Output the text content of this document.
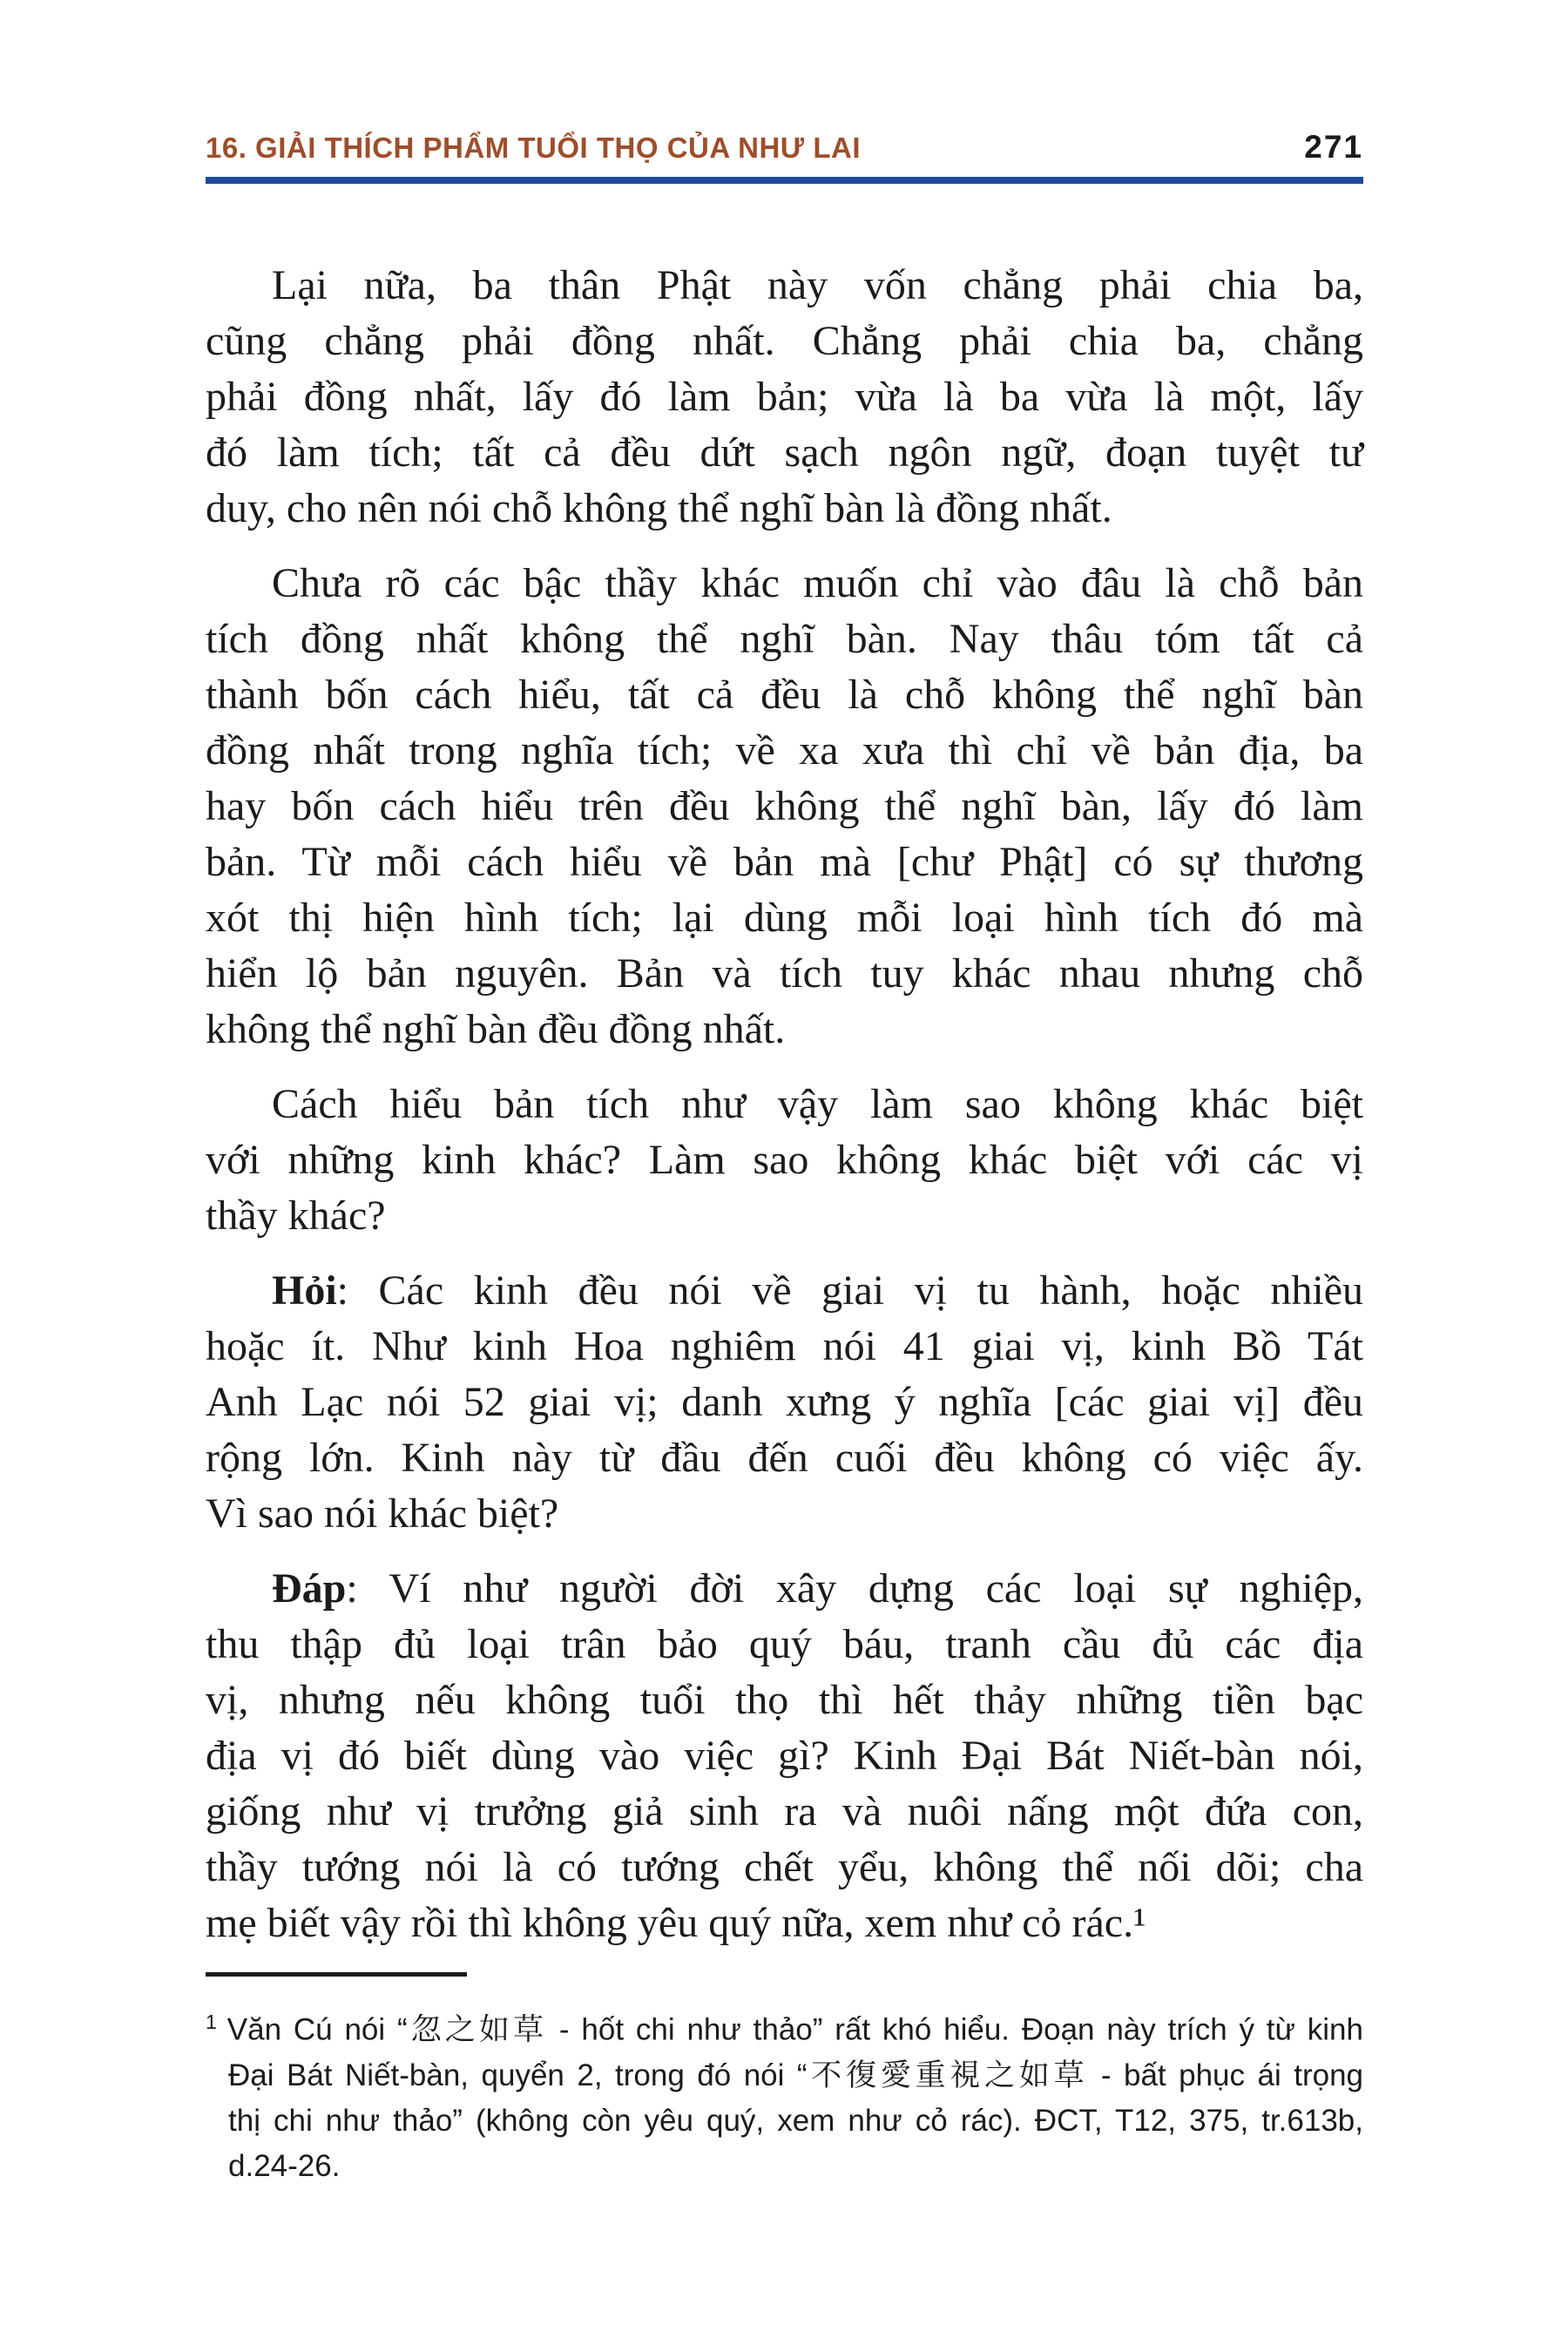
16. GIẢI THÍCH PHẨM TUỔI THỌ CỦA NHƯ LAI	271
Lại nữa, ba thân Phật này vốn chẳng phải chia ba,
cũng chẳng phải đồng nhất. Chẳng phải chia ba, chẳng
phải đồng nhất, lấy đó làm bản; vừa là ba vừa là một, lấy
đó làm tích; tất cả đều dứt sạch ngôn ngữ, đoạn tuyệt tư
duy, cho nên nói chỗ không thể nghĩ bàn là đồng nhất.
Chưa rõ các bậc thầy khác muốn chỉ vào đâu là chỗ bản
tích đồng nhất không thể nghĩ bàn. Nay thâu tóm tất cả
thành bốn cách hiểu, tất cả đều là chỗ không thể nghĩ bàn
đồng nhất trong nghĩa tích; về xa xưa thì chỉ về bản địa, ba
hay bốn cách hiểu trên đều không thể nghĩ bàn, lấy đó làm
bản. Từ mỗi cách hiểu về bản mà [chư Phật] có sự thương
xót thị hiện hình tích; lại dùng mỗi loại hình tích đó mà
hiển lộ bản nguyên. Bản và tích tuy khác nhau nhưng chỗ
không thể nghĩ bàn đều đồng nhất.
Cách hiểu bản tích như vậy làm sao không khác biệt
với những kinh khác? Làm sao không khác biệt với các vị
thầy khác?
Hỏi: Các kinh đều nói về giai vị tu hành, hoặc nhiều
hoặc ít. Như kinh Hoa nghiêm nói 41 giai vị, kinh Bồ Tát
Anh Lạc nói 52 giai vị; danh xưng ý nghĩa [các giai vị] đều
rộng lớn. Kinh này từ đầu đến cuối đều không có việc ấy.
Vì sao nói khác biệt?
Đáp: Ví như người đời xây dựng các loại sự nghiệp,
thu thập đủ loại trân bảo quý báu, tranh cầu đủ các địa
vị, nhưng nếu không tuổi thọ thì hết thảy những tiền bạc
địa vị đó biết dùng vào việc gì? Kinh Đại Bát Niết-bàn nói,
giống như vị trưởng giả sinh ra và nuôi nấng một đứa con,
thầy tướng nói là có tướng chết yểu, không thể nối dõi; cha
mẹ biết vậy rồi thì không yêu quý nữa, xem như cỏ rác.¹
$^1$ Văn Cú nói “忽之如草 - hốt chi như thảo” rất khó hiểu. Đoạn này trích ý từ kinh
Đại Bát Niết-bàn, quyển 2, trong đó nói “不復愛重視之如草 - bất phục ái trọng
thị chi như thảo” (không còn yêu quý, xem như cỏ rác). ĐCT, T12, 375, tr.613b,
d.24-26.
